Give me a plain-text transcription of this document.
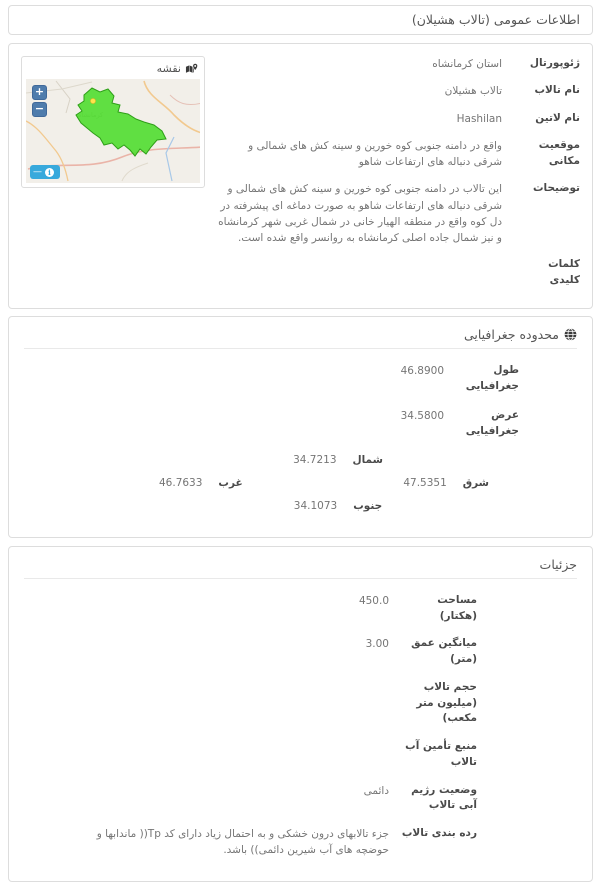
اطلاعات عمومی (تالاب هشیلان)
ژئوپورتال
استان کرمانشاه
نام تالاب
تالاب هشیلان
نام لاتین
Hashilan
موقعیت مکانی
واقع در دامنه جنوبی کوه خورین و سینه کش های شمالی و شرقی دنباله های ارتفاعات شاهو
توضیحات
این تالاب در دامنه جنوبی کوه خورین و سینه کش های شمالی و شرقی دنباله های ارتفاعات شاهو به صورت دماغه ای پیشرفته در دل کوه واقع در منطقه الهیار خانی در شمال غربی شهر کرمانشاه و نیز شمال جاده اصلی کرمانشاه به روانسر واقع شده است.
کلمات کلیدی
نقشه
+
−
— i
محدوده جغرافیایی
طول جغرافیایی
46.8900
عرض جغرافیایی
34.5800
شمال
34.7213
شرق
47.5351
غرب
46.7633
جنوب
34.1073
جزئیات
مساحت (هکتار)
450.0
میانگین عمق (متر)
3.00
حجم تالاب (میلیون متر مکعب)
منبع تأمین آب تالاب
وضعیت رژیم آبی تالاب
دائمی
رده بندی تالاب
جزء تالابهای درون خشکی و به احتمال زیاد دارای کد Tp(( ماندابها و حوضچه های آب شیرین دائمی)) باشد.
